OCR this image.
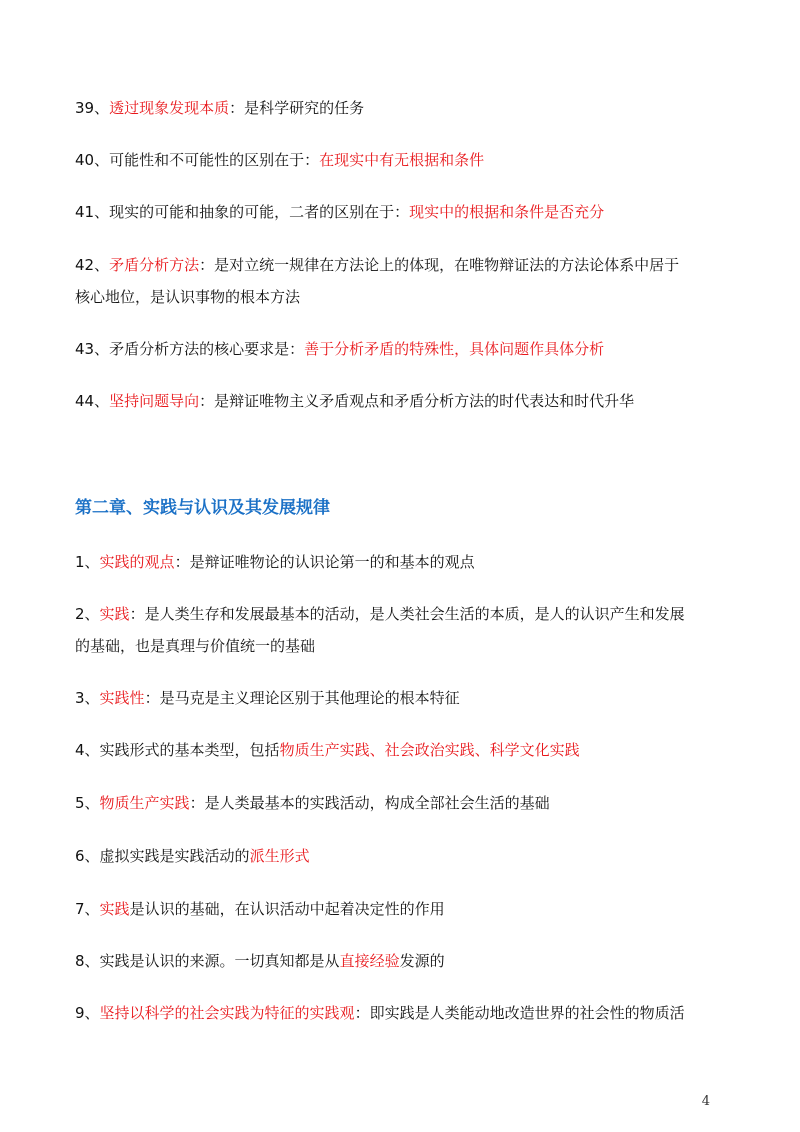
39、透过现象发现本质：是科学研究的任务
40、可能性和不可能性的区别在于：在现实中有无根据和条件
41、现实的可能和抽象的可能，二者的区别在于：现实中的根据和条件是否充分
42、矛盾分析方法：是对立统一规律在方法论上的体现，在唯物辩证法的方法论体系中居于
核心地位，是认识事物的根本方法
43、矛盾分析方法的核心要求是：善于分析矛盾的特殊性，具体问题作具体分析
44、坚持问题导向：是辩证唯物主义矛盾观点和矛盾分析方法的时代表达和时代升华
第二章、实践与认识及其发展规律
1、实践的观点：是辩证唯物论的认识论第一的和基本的观点
2、实践：是人类生存和发展最基本的活动，是人类社会生活的本质，是人的认识产生和发展
的基础，也是真理与价值统一的基础
3、实践性：是马克是主义理论区别于其他理论的根本特征
4、实践形式的基本类型，包括物质生产实践、社会政治实践、科学文化实践
5、物质生产实践：是人类最基本的实践活动，构成全部社会生活的基础
6、虚拟实践是实践活动的派生形式
7、实践是认识的基础，在认识活动中起着决定性的作用
8、实践是认识的来源。一切真知都是从直接经验发源的
9、坚持以科学的社会实践为特征的实践观：即实践是人类能动地改造世界的社会性的物质活
4
